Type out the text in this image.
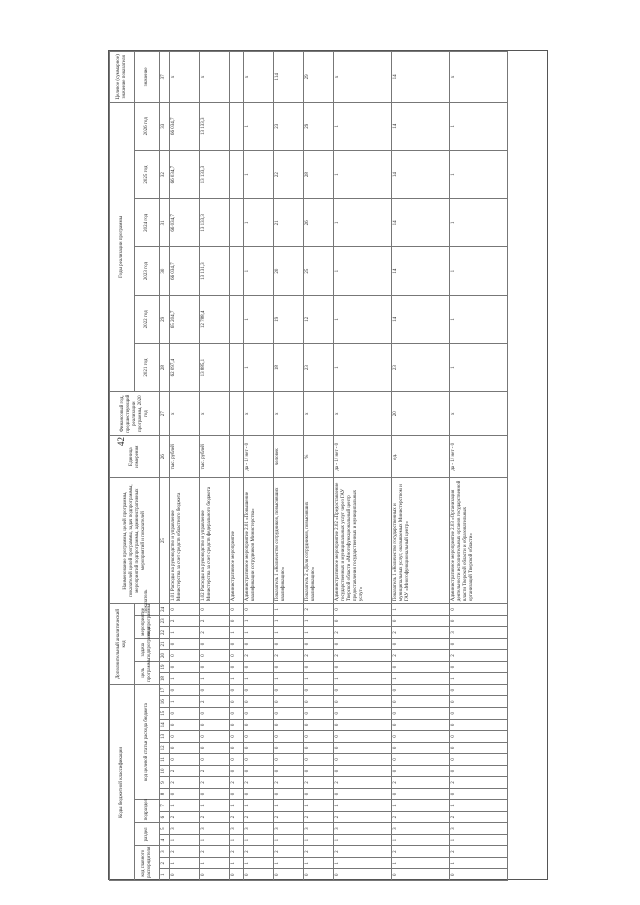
42
Коды бюджетной классификации																	Дополнительный аналитический код							Наименование программы, целей программы, показателей целей программы, задач подпрограммы, мероприятий подпрограммы, административных мероприятий и показателей	Единица измерения	Финансовый год, предшествующий реализации программы, 2020 год	Годы реализации программы						Целевое (суммарное) значение показателя
код главного распорядителя			раздел		подраздел		код целевой статьи расхода бюджета										цель программы		задача подпрограммы		мероприятие подпрограммы		показатель				2021 год	2022 год	2023 год	2024 год	2025 год	2026 год	значение
1	2	3	4	5	6	7	8	9	10	11	12	13	14	15	16	17	18	19	20	21	22	23	24	25	26	27	28	29	30	31	32	33	37
0	1	2	1	3	2	1	0	2	2	0	0	0	0	0	1	0	1	0	0	0	1	2	0	1.01 Расходы на руководство и управление Министерства за счет средств областного бюджета	тыс. рублей	х	62 097,4	65 204,7	66 034,7	66 034,7	66 034,7	66 034,7	х
0	1	2	1	3	2	1	0	2	2	0	0	0	0	0	2	0	1	0	0	0	2	2	0	1.02 Расходы на руководство и управление Министерства за счет средств федерального бюджета	тыс. рублей	х	13 885,1	12 788,4	13 131,3	13 133,3	13 133,3	13 133,3	х
0	1	2	1	3	2	1	0	2	0	0	0	0	0	0	0	0	1	0	0	0	1	0	0	Административное мероприятие									
0	1	2	1	3	2	1	0	2	0	0	0	0	0	0	0	0	1	0	2	0	1	1	0	Административное мероприятие 2.01 «Повышение квалификации сотрудников Министерства»	да - 1/ нет - 0	х	1	1	1	1	1	1	х
0	1	2	1	3	2	1	0	2	0	0	0	0	0	0	0	0	1	0	2	0	1	1	1	Показатель 1 «Количество сотрудников, повысивших квалификацию»	человек	х	18	19	20	21	22	23	114
0	1	2	1	3	2	1	0	2	0	0	0	0	0	0	0	0	1	0	2	0	1	1	2	Показатель 2 «Доля сотрудников, повысивших квалификацию»	%	х	23	12	25	26	28	29	29
0	1	2	1	3	2	1	0	2	0	0	0	0	0	0	0	0	1	0	2	0	2	0	0	Административное мероприятие 2.02 «Предоставление государственных и муниципальных услуг через ГАУ Тверской области «Многофункциональный центр предоставления государственных и муниципальных услуг»	да - 1/ нет - 0	х	1	1	1	1	1	1	х
0	1	2	1	3	2	1	0	2	0	0	0	0	0	0	0	0	1	0	2	0	2	0	1	Показатель 1 «Количество государственных и муниципальных услуг, оказываемых Министерством и ГАУ «Многофункциональный центр»	ед.	20	23	14	14	14	14	14	14
0	1	2	1	3	2	1	0	2	0	0	0	0	0	0	0	0	1	0	2	0	3	0	0	Административное мероприятие 2.03 «Организация деятельности исполнительных органов государственной власти Тверской области и образовательных организаций Тверской области»	да - 1/ нет - 0	х	1	1	1	1	1	1	х
